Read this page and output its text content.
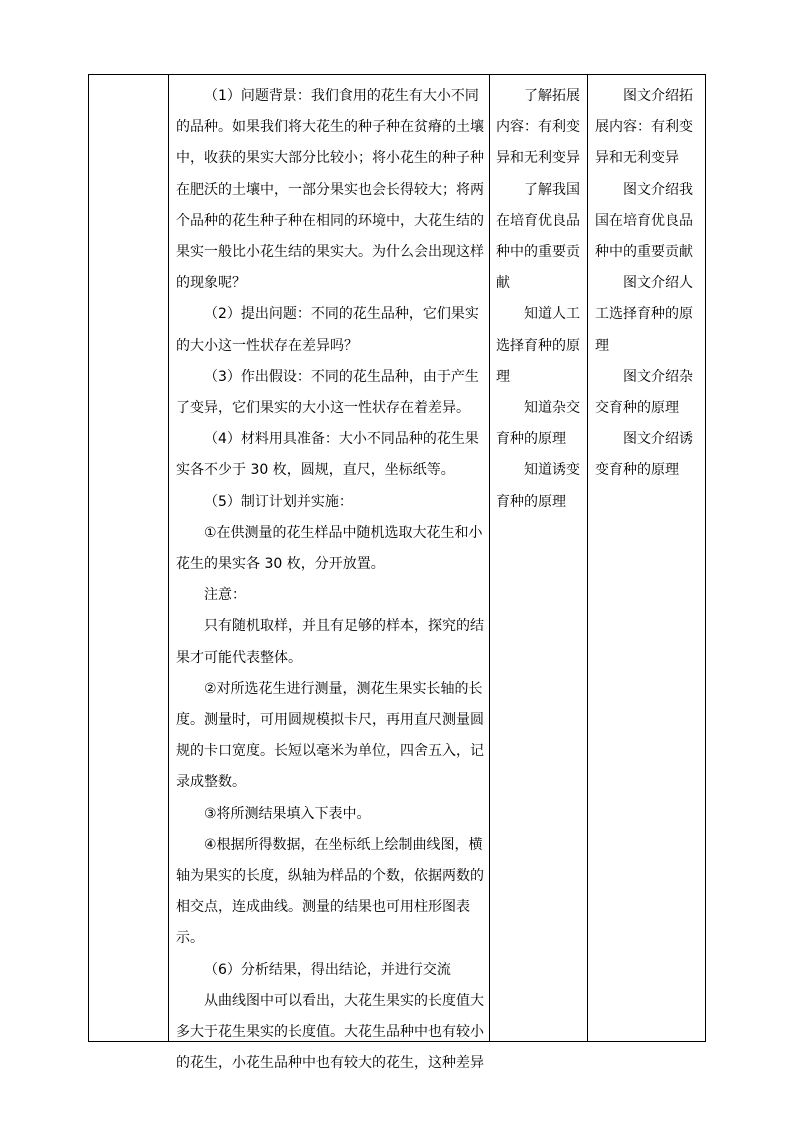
（1）问题背景：我们食用的花生有大小不同的品种。如果我们将大花生的种子种在贫瘠的土壤中，收获的果实大部分比较小；将小花生的种子种在肥沃的土壤中，一部分果实也会长得较大；将两个品种的花生种子种在相同的环境中，大花生结的果实一般比小花生结的果实大。为什么会出现这样的现象呢？

（2）提出问题：不同的花生品种，它们果实的大小这一性状存在差异吗？

（3）作出假设：不同的花生品种，由于产生了变异，它们果实的大小这一性状存在着差异。

（4）材料用具准备：大小不同品种的花生果实各不少于 30 枚，圆规，直尺，坐标纸等。

（5）制订计划并实施：

①在供测量的花生样品中随机选取大花生和小花生的果实各 30 枚，分开放置。

注意：

只有随机取样，并且有足够的样本，探究的结果才可能代表整体。

②对所选花生进行测量，测花生果实长轴的长度。测量时，可用圆规模拟卡尺，再用直尺测量圆规的卡口宽度。长短以毫米为单位，四舍五入，记录成整数。

③将所测结果填入下表中。

④根据所得数据，在坐标纸上绘制曲线图，横轴为果实的长度，纵轴为样品的个数，依据两数的相交点，连成曲线。测量的结果也可用柱形图表示。

（6）分析结果，得出结论，并进行交流

从曲线图中可以看出，大花生果实的长度值大多大于花生果实的长度值。大花生品种中也有较小的花生，小花生品种中也有较大的花生，这种差异

了解拓展内容：有利变异和无利变异

了解我国在培育优良品种中的重要贡献

知道人工选择育种的原理

知道杂交育种的原理

知道诱变育种的原理

图文介绍拓展内容：有利变异和无利变异

图文介绍我国在培育优良品种中的重要贡献

图文介绍人工选择育种的原理

图文介绍杂交育种的原理

图文介绍诱变育种的原理
